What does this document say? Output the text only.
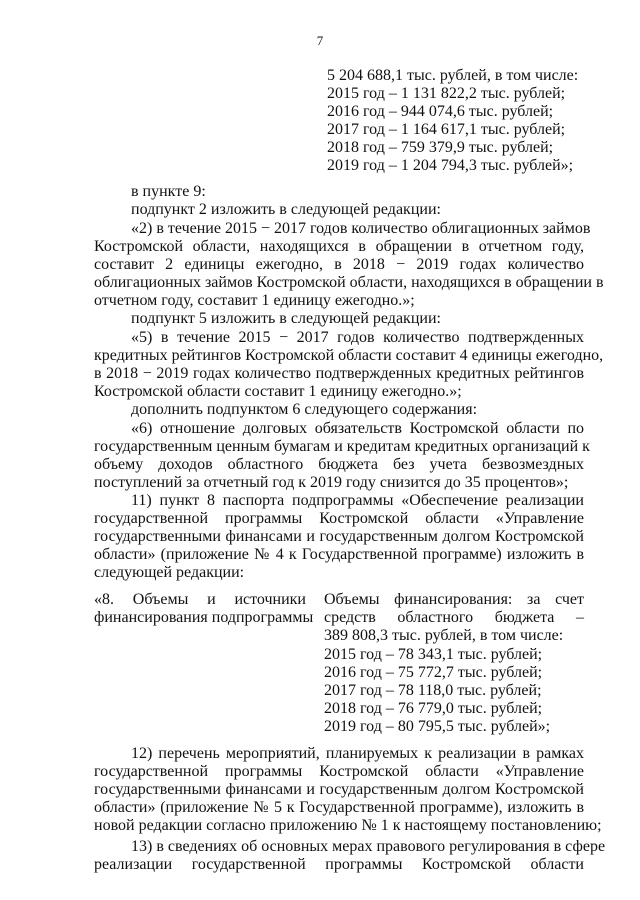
7
5 204 688,1 тыс. рублей, в том числе:
2015 год – 1 131 822,2 тыс. рублей;
2016 год – 944 074,6 тыс. рублей;
2017 год – 1 164 617,1 тыс. рублей;
2018 год – 759 379,9 тыс. рублей;
2019 год – 1 204 794,3 тыс. рублей»;
в пункте 9:
подпункт 2 изложить в следующей редакции:
«2) в течение 2015 − 2017 годов количество облигационных займов
Костромской области, находящихся в обращении в отчетном году,
составит 2 единицы ежегодно, в 2018 − 2019 годах количество
облигационных займов Костромской области, находящихся в обращении в
отчетном году, составит 1 единицу ежегодно.»;
подпункт 5 изложить в следующей редакции:
«5) в течение 2015 − 2017 годов количество подтвержденных
кредитных рейтингов Костромской области составит 4 единицы ежегодно,
в 2018 − 2019 годах количество подтвержденных кредитных рейтингов
Костромской области составит 1 единицу ежегодно.»;
дополнить подпунктом 6 следующего содержания:
«6) отношение долговых обязательств Костромской области по
государственным ценным бумагам и кредитам кредитных организаций к
объему доходов областного бюджета без учета безвозмездных
поступлений за отчетный год к 2019 году снизится до 35 процентов»;
11) пункт 8 паспорта подпрограммы «Обеспечение реализации
государственной программы Костромской области «Управление
государственными финансами и государственным долгом Костромской
области» (приложение № 4 к Государственной программе) изложить в
следующей редакции:
«8. Объемы и источники
финансирования подпрограммы
Объемы финансирования: за счет
средств областного бюджета –
389 808,3 тыс. рублей, в том числе:
2015 год – 78 343,1 тыс. рублей;
2016 год – 75 772,7 тыс. рублей;
2017 год – 78 118,0 тыс. рублей;
2018 год – 76 779,0 тыс. рублей;
2019 год – 80 795,5 тыс. рублей»;
12) перечень мероприятий, планируемых к реализации в рамках
государственной программы Костромской области «Управление
государственными финансами и государственным долгом Костромской
области» (приложение № 5 к Государственной программе), изложить в
новой редакции согласно приложению № 1 к настоящему постановлению;
13) в сведениях об основных мерах правового регулирования в сфере
реализации государственной программы Костромской области
